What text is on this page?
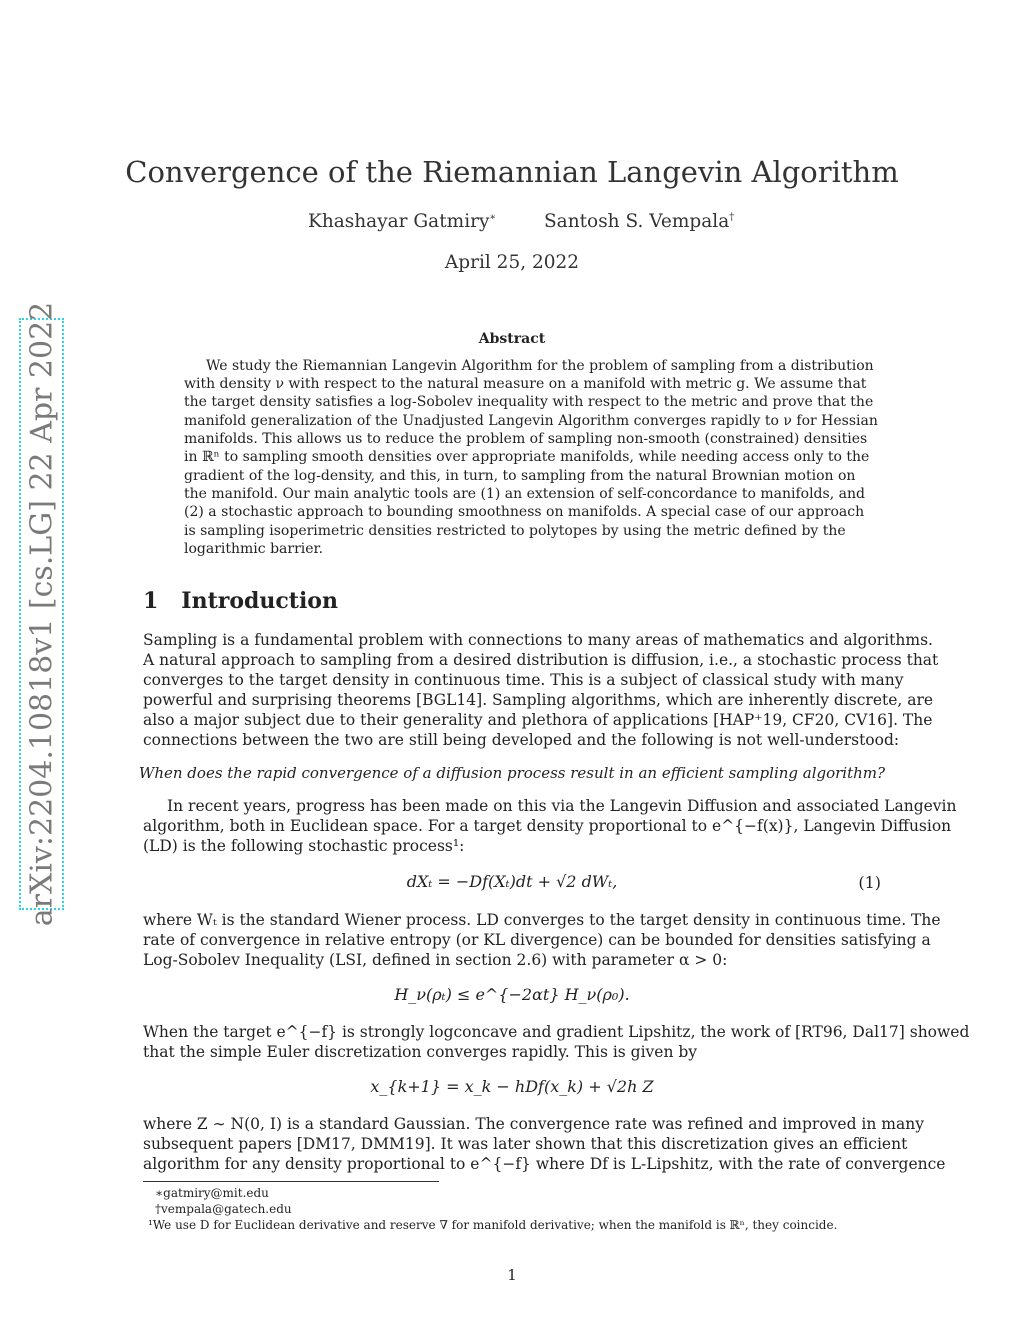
arXiv:2204.10818v1 [cs.LG] 22 Apr 2022
Convergence of the Riemannian Langevin Algorithm
Khashayar Gatmiry∗	Santosh S. Vempala†
April 25, 2022
Abstract
We study the Riemannian Langevin Algorithm for the problem of sampling from a distribution
with density ν with respect to the natural measure on a manifold with metric g. We assume that
the target density satisfies a log-Sobolev inequality with respect to the metric and prove that the
manifold generalization of the Unadjusted Langevin Algorithm converges rapidly to ν for Hessian
manifolds. This allows us to reduce the problem of sampling non-smooth (constrained) densities
in ℝⁿ to sampling smooth densities over appropriate manifolds, while needing access only to the
gradient of the log-density, and this, in turn, to sampling from the natural Brownian motion on
the manifold. Our main analytic tools are (1) an extension of self-concordance to manifolds, and
(2) a stochastic approach to bounding smoothness on manifolds. A special case of our approach
is sampling isoperimetric densities restricted to polytopes by using the metric defined by the
logarithmic barrier.
1 Introduction
Sampling is a fundamental problem with connections to many areas of mathematics and algorithms.
A natural approach to sampling from a desired distribution is diffusion, i.e., a stochastic process that
converges to the target density in continuous time. This is a subject of classical study with many
powerful and surprising theorems [BGL14]. Sampling algorithms, which are inherently discrete, are
also a major subject due to their generality and plethora of applications [HAP⁺19, CF20, CV16]. The
connections between the two are still being developed and the following is not well-understood:
When does the rapid convergence of a diffusion process result in an efficient sampling algorithm?
In recent years, progress has been made on this via the Langevin Diffusion and associated Langevin
algorithm, both in Euclidean space. For a target density proportional to e^{−f(x)}, Langevin Diffusion
(LD) is the following stochastic process¹:
dXₜ = −Df(Xₜ)dt + √2 dWₜ,	(1)
where Wₜ is the standard Wiener process. LD converges to the target density in continuous time. The
rate of convergence in relative entropy (or KL divergence) can be bounded for densities satisfying a
Log-Sobolev Inequality (LSI, defined in section 2.6) with parameter α > 0:
H_ν(ρₜ) ≤ e^{−2αt} H_ν(ρ₀).
When the target e^{−f} is strongly logconcave and gradient Lipshitz, the work of [RT96, Dal17] showed
that the simple Euler discretization converges rapidly. This is given by
x_{k+1} = x_k − hDf(x_k) + √2h Z
where Z ∼ N(0, I) is a standard Gaussian. The convergence rate was refined and improved in many
subsequent papers [DM17, DMM19]. It was later shown that this discretization gives an efficient
algorithm for any density proportional to e^{−f} where Df is L-Lipshitz, with the rate of convergence
∗gatmiry@mit.edu
†vempala@gatech.edu
¹We use D for Euclidean derivative and reserve ∇ for manifold derivative; when the manifold is ℝⁿ, they coincide.
1
